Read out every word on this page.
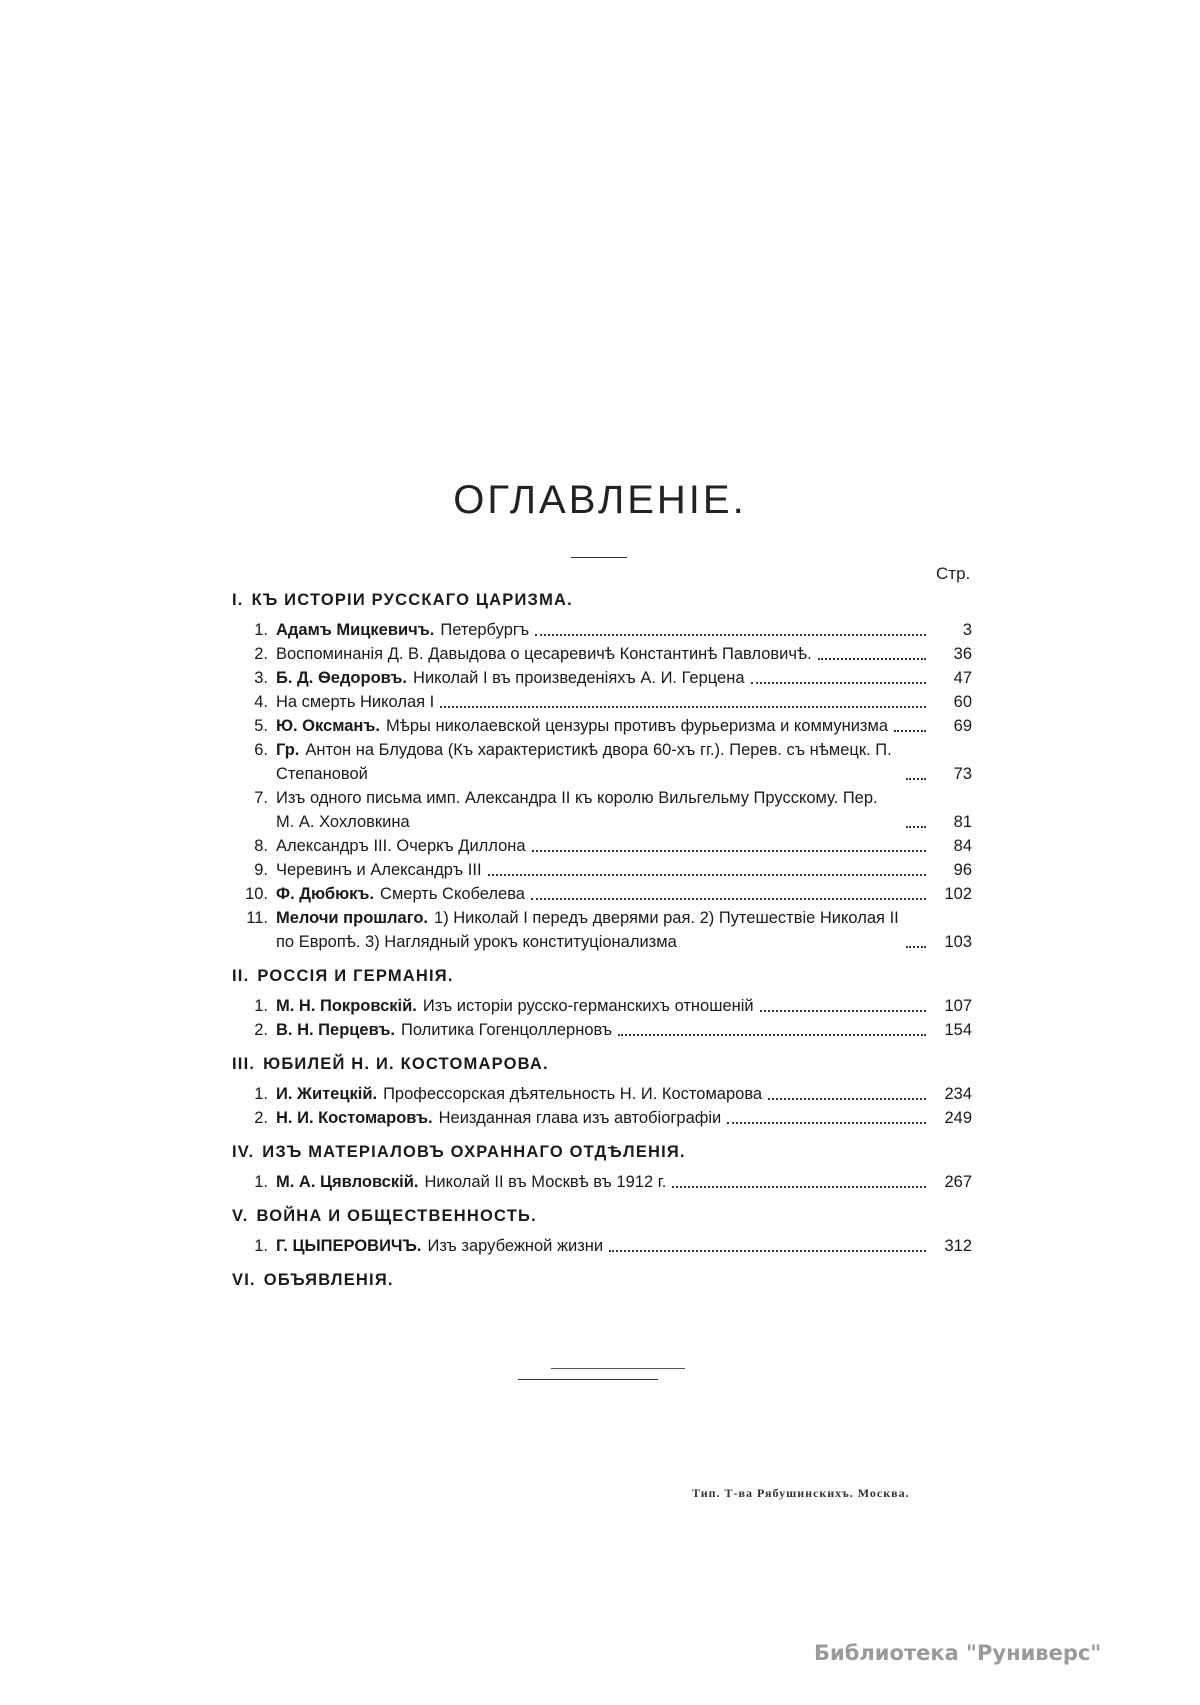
ОГЛАВЛЕНІЕ.
Стр.
I. КЪ ИСТОРІИ РУССКАГО ЦАРИЗМА.
1. Адамъ Мицкевичъ. Петербургъ	3
2. Воспоминанія Д. В. Давыдова о цесаревичѣ Константинѣ Павловичѣ.	36
3. Б. Д. Ѳедоровъ. Николай I въ произведеніяхъ А. И. Герцена	47
4. На смерть Николая I	60
5. Ю. Оксманъ. Мѣры николаевской цензуры противъ фурьеризма и коммунизма	69
6. Гр. Антон на Блудова (Къ характеристикѣ двора 60-хъ гг.). Перев. съ нѣмецк. П. Степановой	73
7. Изъ одного письма имп. Александра II къ королю Вильгельму Прусскому. Пер. М. А. Хохловкина	81
8. Александръ III. Очеркъ Диллона	84
9. Черевинъ и Александръ III	96
10. Ф. Дюбюкъ. Смерть Скобелева	102
11. Мелочи прошлаго. 1) Николай I передъ дверями рая. 2) Путешествіе Николая II по Европѣ. 3) Наглядный урокъ конституціонализма	103
II. РОССІЯ И ГЕРМАНІЯ.
1. М. Н. Покровскій. Изъ исторіи русско-германскихъ отношеній	107
2. В. Н. Перцевъ. Политика Гогенцоллерновъ	154
III. ЮБИЛЕЙ Н. И. КОСТОМАРОВА.
1. И. Житецкій. Профессорская дѣятельность Н. И. Костомарова	234
2. Н. И. Костомаровъ. Неизданная глава изъ автобіографіи	249
IV. ИЗЪ МАТЕРІАЛОВЪ ОХРАННАГО ОТДѢЛЕНІЯ.
1. М. А. Цявловскій. Николай II въ Москвѣ въ 1912 г.	267
V. ВОЙНА И ОБЩЕСТВЕННОСТЬ.
1. Г. ЦЫПЕРОВИЧЪ. Изъ зарубежной жизни	312
VI. ОБЪЯВЛЕНІЯ.
Тип. Т-ва Рябушинскихъ. Москва.
Библиотека "Руниверс"
